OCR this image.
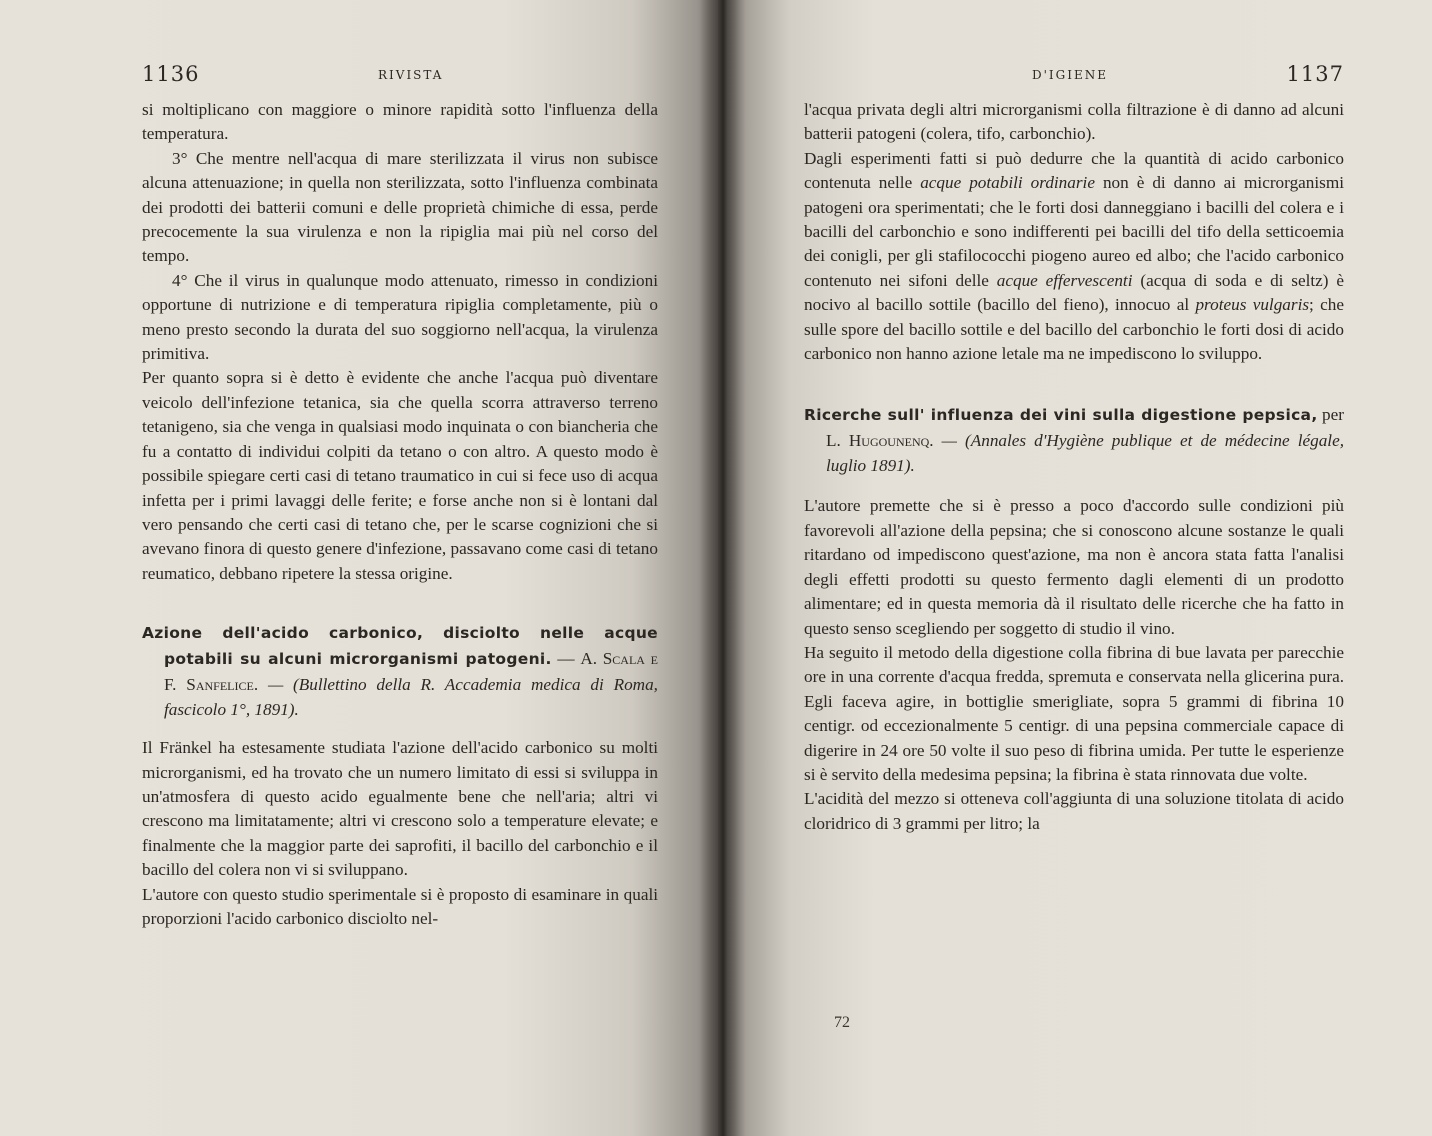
1136	RIVISTA

si moltiplicano con maggiore o minore rapidità sotto l'influenza della temperatura.

3° Che mentre nell'acqua di mare sterilizzata il virus non subisce alcuna attenuazione; in quella non sterilizzata, sotto l'influenza combinata dei prodotti dei batterii comuni e delle proprietà chimiche di essa, perde precocemente la sua virulenza e non la ripiglia mai più nel corso del tempo.

4° Che il virus in qualunque modo attenuato, rimesso in condizioni opportune di nutrizione e di temperatura ripiglia completamente, più o meno presto secondo la durata del suo soggiorno nell'acqua, la virulenza primitiva.

Per quanto sopra si è detto è evidente che anche l'acqua può diventare veicolo dell'infezione tetanica, sia che quella scorra attraverso terreno tetanigeno, sia che venga in qualsiasi modo inquinata o con biancheria che fu a contatto di individui colpiti da tetano o con altro. A questo modo è possibile spiegare certi casi di tetano traumatico in cui si fece uso di acqua infetta per i primi lavaggi delle ferite; e forse anche non si è lontani dal vero pensando che certi casi di tetano che, per le scarse cognizioni che si avevano finora di questo genere d'infezione, passavano come casi di tetano reumatico, debbano ripetere la stessa origine.

Azione dell'acido carbonico, disciolto nelle acque potabili su alcuni microrganismi patogeni. — A. Scala e F. Sanfelice. — (Bullettino della R. Accademia medica di Roma, fascicolo 1°, 1891).

Il Fränkel ha estesamente studiata l'azione dell'acido carbonico su molti microrganismi, ed ha trovato che un numero limitato di essi si sviluppa in un'atmosfera di questo acido egualmente bene che nell'aria; altri vi crescono ma limitatamente; altri vi crescono solo a temperature elevate; e finalmente che la maggior parte dei saprofiti, il bacillo del carbonchio e il bacillo del colera non vi si sviluppano.

L'autore con questo studio sperimentale si è proposto di esaminare in quali proporzioni l'acido carbonico disciolto nel-

D'IGIENE	1137

l'acqua privata degli altri microrganismi colla filtrazione è di danno ad alcuni batterii patogeni (colera, tifo, carbonchio).

Dagli esperimenti fatti si può dedurre che la quantità di acido carbonico contenuta nelle acque potabili ordinarie non è di danno ai microrganismi patogeni ora sperimentati; che le forti dosi danneggiano i bacilli del colera e i bacilli del carbonchio e sono indifferenti pei bacilli del tifo della setticoemia dei conigli, per gli stafilococchi piogeno aureo ed albo; che l'acido carbonico contenuto nei sifoni delle acque effervescenti (acqua di soda e di seltz) è nocivo al bacillo sottile (bacillo del fieno), innocuo al proteus vulgaris; che sulle spore del bacillo sottile e del bacillo del carbonchio le forti dosi di acido carbonico non hanno azione letale ma ne impediscono lo sviluppo.

Ricerche sull' influenza dei vini sulla digestione pepsica, per L. Hugounenq. — (Annales d'Hygiène publique et de médecine légale, luglio 1891).

L'autore premette che si è presso a poco d'accordo sulle condizioni più favorevoli all'azione della pepsina; che si conoscono alcune sostanze le quali ritardano od impediscono quest'azione, ma non è ancora stata fatta l'analisi degli effetti prodotti su questo fermento dagli elementi di un prodotto alimentare; ed in questa memoria dà il risultato delle ricerche che ha fatto in questo senso scegliendo per soggetto di studio il vino.

Ha seguito il metodo della digestione colla fibrina di bue lavata per parecchie ore in una corrente d'acqua fredda, spremuta e conservata nella glicerina pura. Egli faceva agire, in bottiglie smerigliate, sopra 5 grammi di fibrina 10 centigr. od eccezionalmente 5 centigr. di una pepsina commerciale capace di digerire in 24 ore 50 volte il suo peso di fibrina umida. Per tutte le esperienze si è servito della medesima pepsina; la fibrina è stata rinnovata due volte.

L'acidità del mezzo si otteneva coll'aggiunta di una soluzione titolata di acido cloridrico di 3 grammi per litro; la

72
